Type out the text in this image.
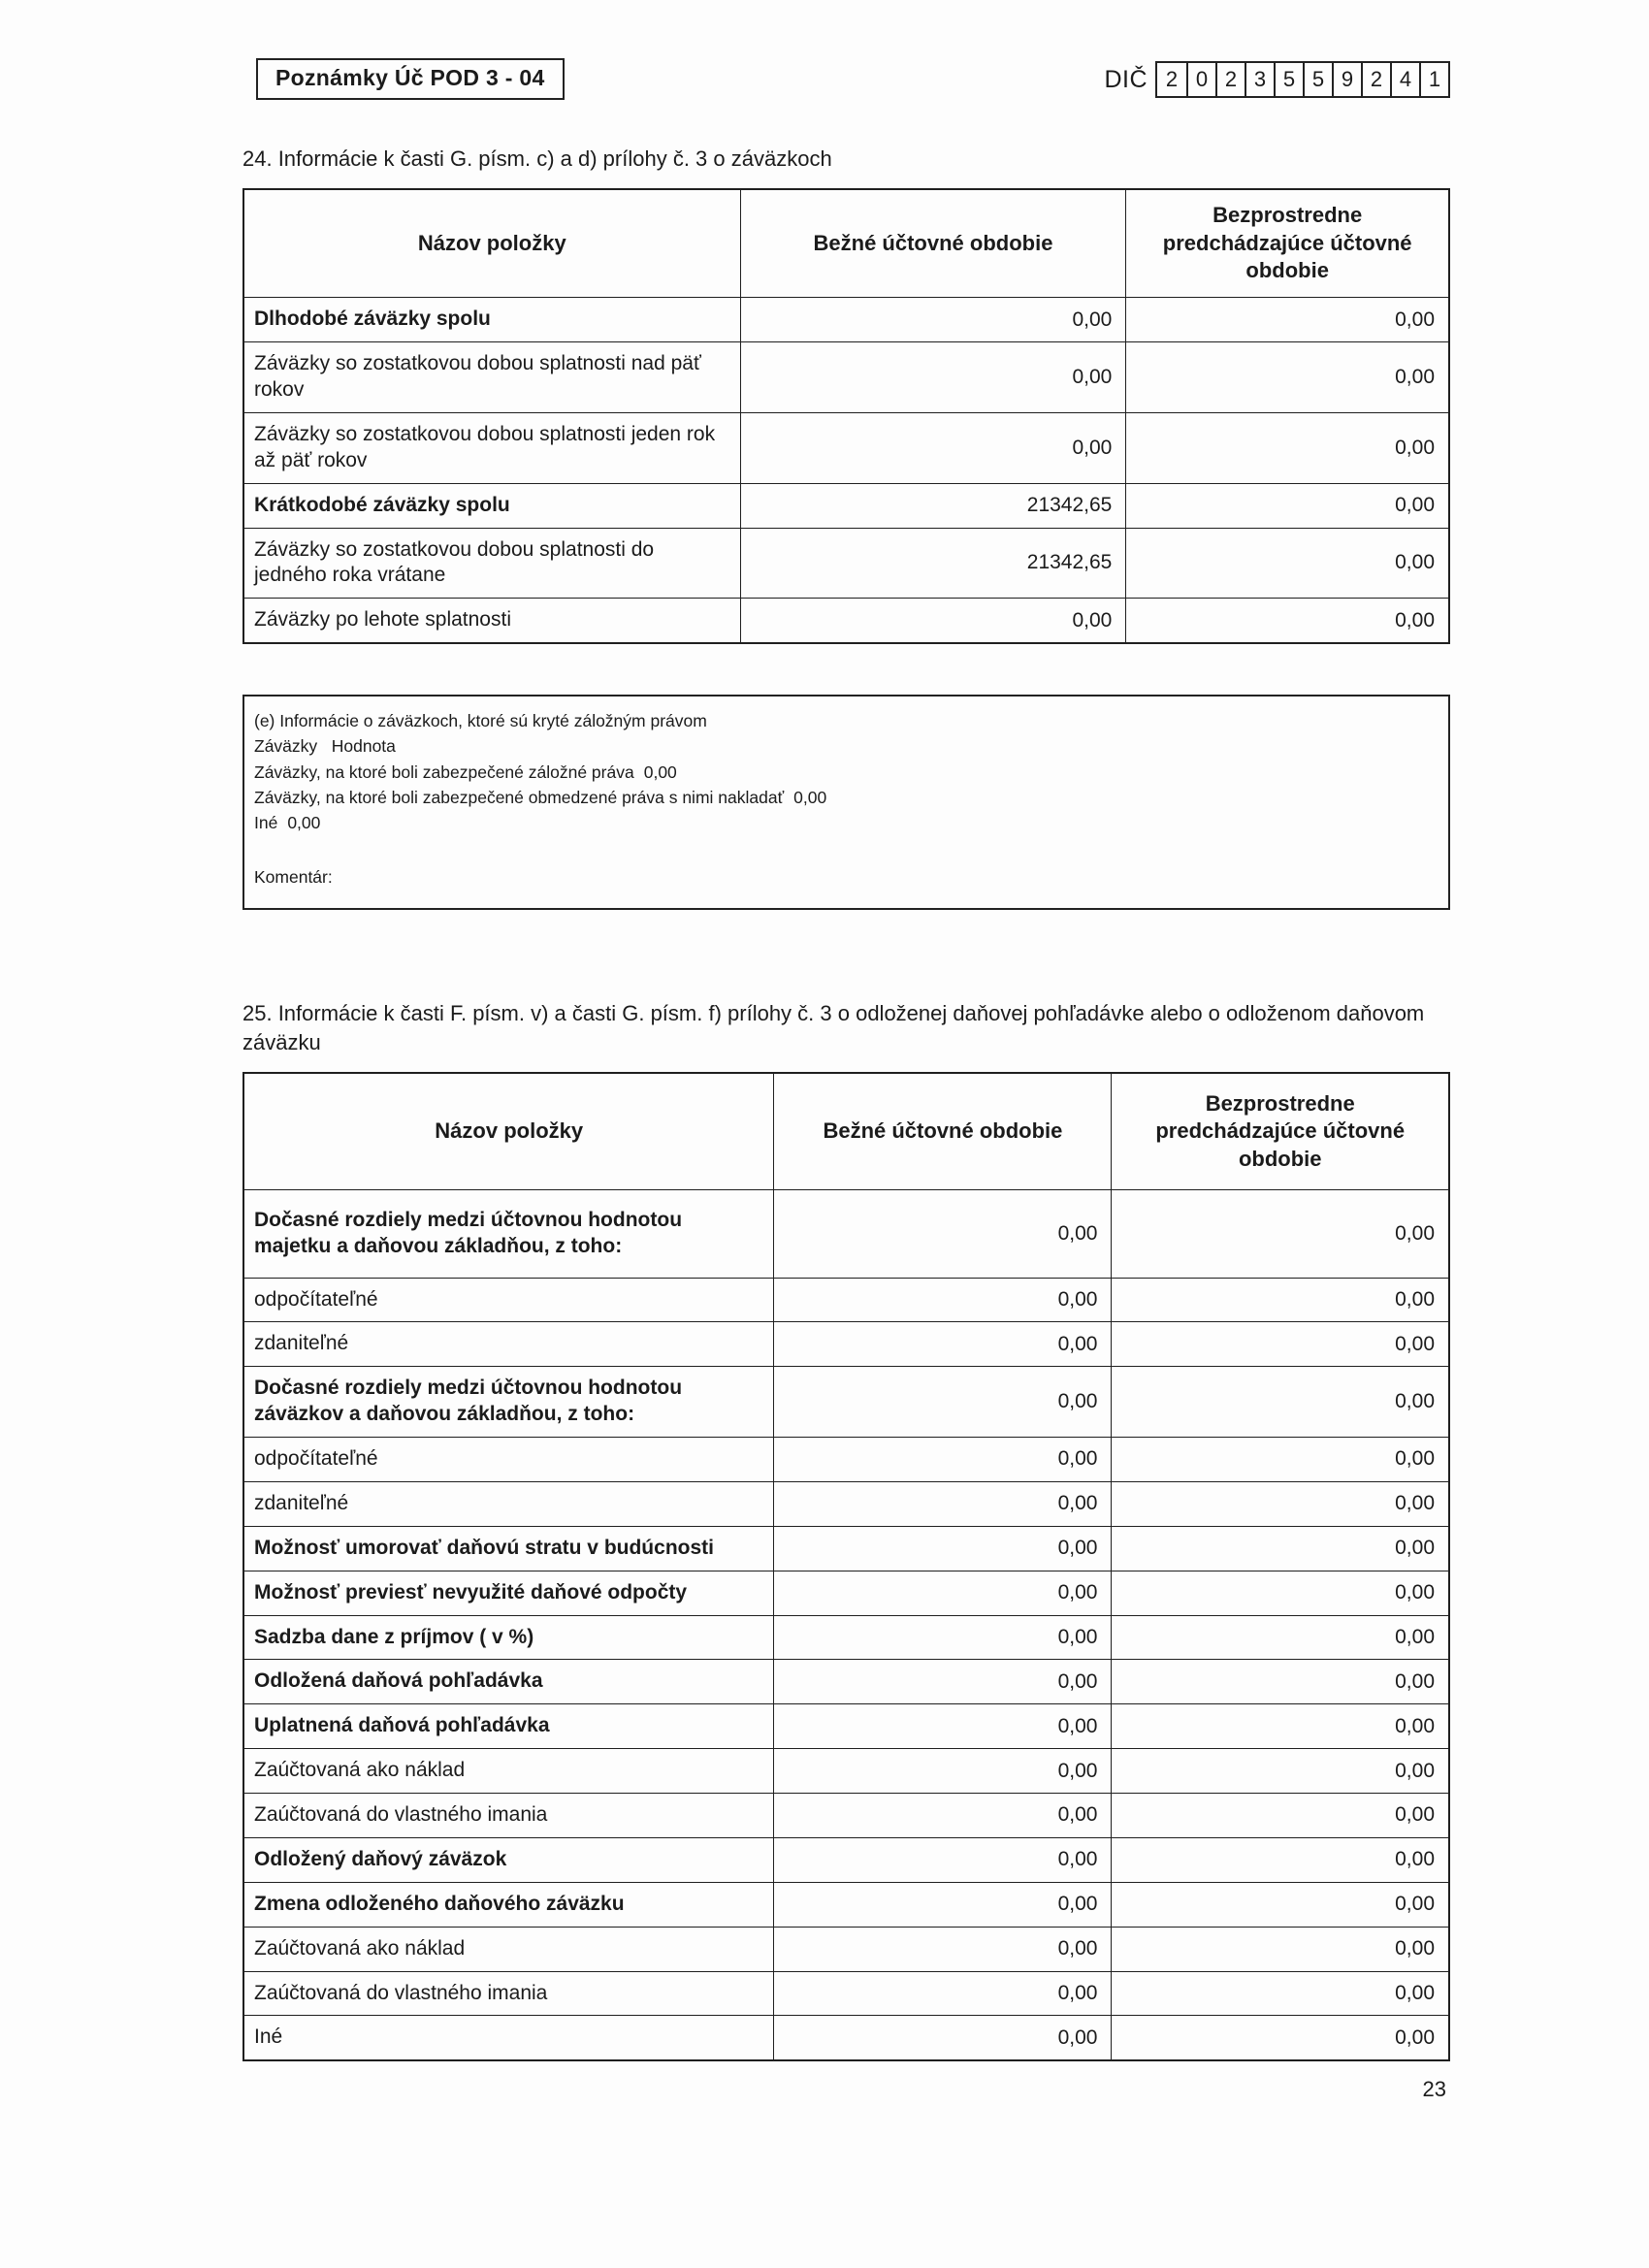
Poznámky Úč POD 3 - 04	DIČ 2 0 2 3 5 5 9 2 4 1
24. Informácie k časti G. písm. c) a d) prílohy č. 3 o záväzkoch
Názov položky	Bežné účtovné obdobie	Bezprostredne predchádzajúce účtovné obdobie
Dlhodobé záväzky spolu	0,00	0,00
Záväzky so zostatkovou dobou splatnosti nad päť rokov	0,00	0,00
Záväzky so zostatkovou dobou splatnosti jeden rok až päť rokov	0,00	0,00
Krátkodobé záväzky spolu	21342,65	0,00
Záväzky so zostatkovou dobou splatnosti do jedného roka vrátane	21342,65	0,00
Záväzky po lehote splatnosti	0,00	0,00
(e) Informácie o záväzkoch, ktoré sú kryté záložným právom
Záväzky   Hodnota
Záväzky, na ktoré boli zabezpečené záložné práva 0,00
Záväzky, na ktoré boli zabezpečené obmedzené práva s nimi nakladať 0,00
Iné 0,00
Komentár:
25. Informácie k časti F. písm. v) a časti G. písm. f) prílohy č. 3 o odloženej daňovej pohľadávke alebo o odloženom daňovom záväzku
Názov položky	Bežné účtovné obdobie	Bezprostredne predchádzajúce účtovné obdobie
Dočasné rozdiely medzi účtovnou hodnotou majetku a daňovou základňou, z toho:	0,00	0,00
odpočítateľné	0,00	0,00
zdaniteľné	0,00	0,00
Dočasné rozdiely medzi účtovnou hodnotou záväzkov a daňovou základňou, z toho:	0,00	0,00
odpočítateľné	0,00	0,00
zdaniteľné	0,00	0,00
Možnosť umorovať daňovú stratu v budúcnosti	0,00	0,00
Možnosť previesť nevyužité daňové odpočty	0,00	0,00
Sadzba dane z príjmov ( v %)	0,00	0,00
Odložená daňová pohľadávka	0,00	0,00
Uplatnená daňová pohľadávka	0,00	0,00
Zaúčtovaná ako náklad	0,00	0,00
Zaúčtovaná do vlastného imania	0,00	0,00
Odložený daňový záväzok	0,00	0,00
Zmena odloženého daňového záväzku	0,00	0,00
Zaúčtovaná ako náklad	0,00	0,00
Zaúčtovaná do vlastného imania	0,00	0,00
Iné	0,00	0,00
23
